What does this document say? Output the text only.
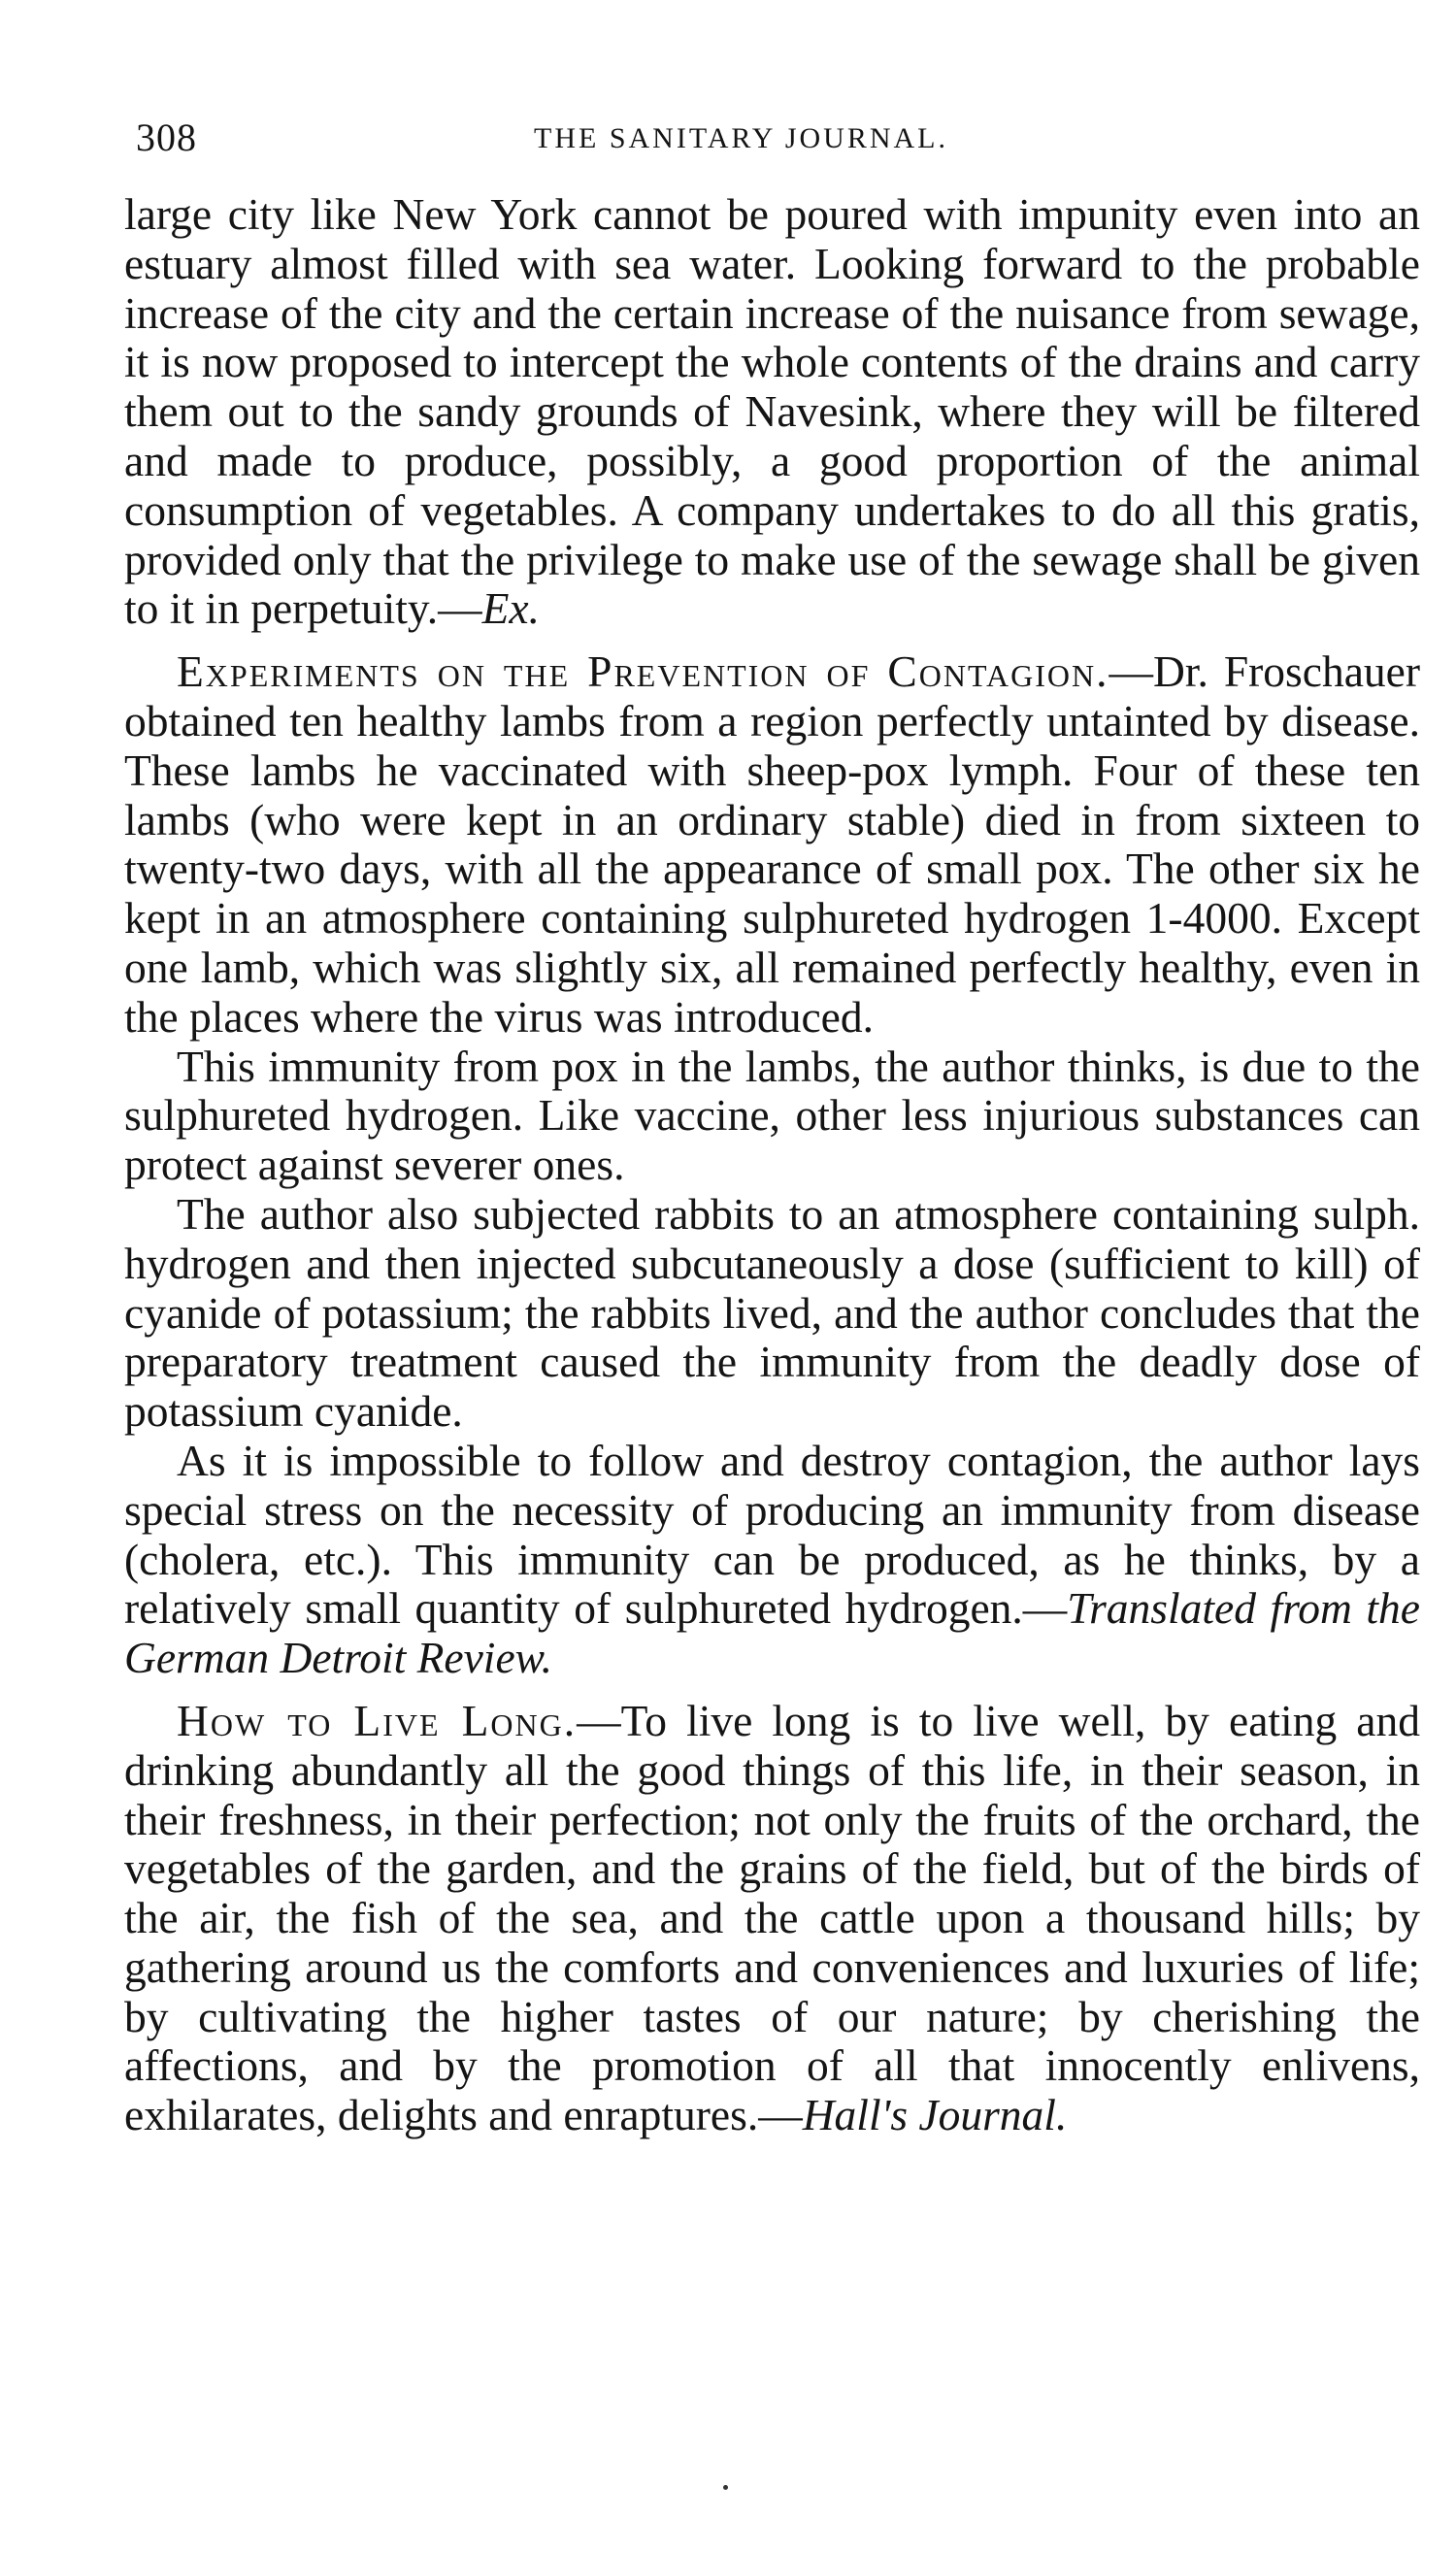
308	THE SANITARY JOURNAL.

large city like New York cannot be poured with impunity even into an estuary almost filled with sea water. Looking forward to the probable increase of the city and the certain increase of the nuisance from sewage, it is now proposed to intercept the whole contents of the drains and carry them out to the sandy grounds of Navesink, where they will be filtered and made to produce, possibly, a good proportion of the animal consumption of vegetables. A company undertakes to do all this gratis, provided only that the privilege to make use of the sewage shall be given to it in perpetuity.—Ex.

Experiments on the Prevention of Contagion.—Dr. Froschauer obtained ten healthy lambs from a region perfectly untainted by disease. These lambs he vaccinated with sheep-pox lymph. Four of these ten lambs (who were kept in an ordinary stable) died in from sixteen to twenty-two days, with all the appearance of small pox. The other six he kept in an atmosphere containing sulphureted hydrogen 1-4000. Except one lamb, which was slightly six, all remained perfectly healthy, even in the places where the virus was introduced.

This immunity from pox in the lambs, the author thinks, is due to the sulphureted hydrogen. Like vaccine, other less injurious substances can protect against severer ones.

The author also subjected rabbits to an atmosphere containing sulph. hydrogen and then injected subcutaneously a dose (sufficient to kill) of cyanide of potassium; the rabbits lived, and the author concludes that the preparatory treatment caused the immunity from the deadly dose of potassium cyanide.

As it is impossible to follow and destroy contagion, the author lays special stress on the necessity of producing an immunity from disease (cholera, etc.). This immunity can be produced, as he thinks, by a relatively small quantity of sulphureted hydrogen.—Translated from the German Detroit Review.

How to Live Long.—To live long is to live well, by eating and drinking abundantly all the good things of this life, in their season, in their freshness, in their perfection; not only the fruits of the orchard, the vegetables of the garden, and the grains of the field, but of the birds of the air, the fish of the sea, and the cattle upon a thousand hills; by gathering around us the comforts and conveniences and luxuries of life; by cultivating the higher tastes of our nature; by cherishing the affections, and by the promotion of all that innocently enlivens, exhilarates, delights and enraptures.—Hall's Journal.
